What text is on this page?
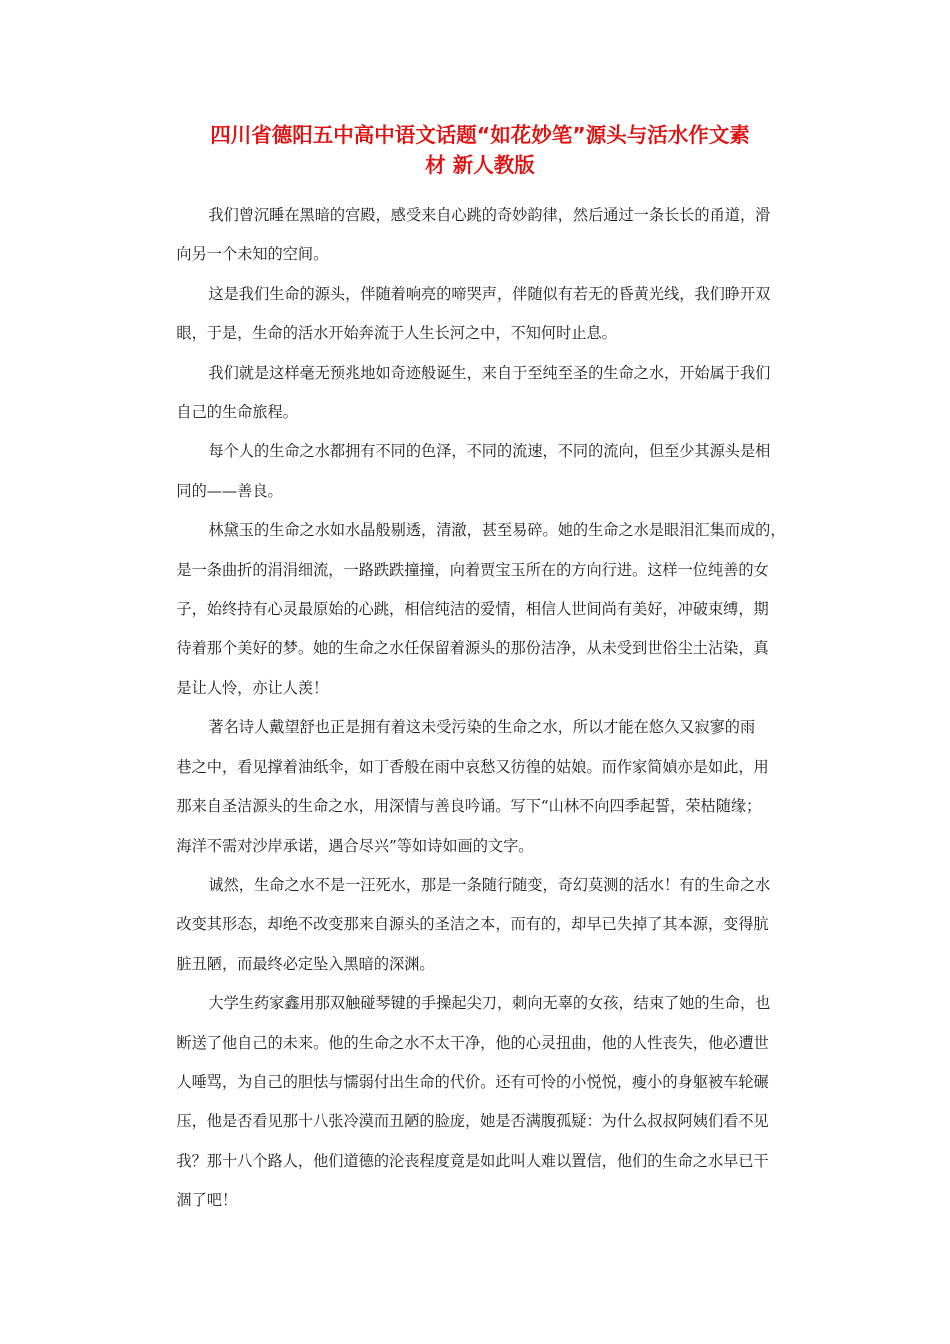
四川省德阳五中高中语文话题“如花妙笔”源头与活水作文素
材 新人教版
我们曾沉睡在黑暗的宫殿，感受来自心跳的奇妙韵律，然后通过一条长长的甬道，滑
向另一个未知的空间。
这是我们生命的源头，伴随着响亮的啼哭声，伴随似有若无的昏黄光线，我们睁开双
眼，于是，生命的活水开始奔流于人生长河之中，不知何时止息。
我们就是这样毫无预兆地如奇迹般诞生，来自于至纯至圣的生命之水，开始属于我们
自己的生命旅程。
每个人的生命之水都拥有不同的色泽，不同的流速，不同的流向，但至少其源头是相
同的——善良。
林黛玉的生命之水如水晶般剔透，清澈，甚至易碎。她的生命之水是眼泪汇集而成的，
是一条曲折的涓涓细流，一路跌跌撞撞，向着贾宝玉所在的方向行进。这样一位纯善的女
子，始终持有心灵最原始的心跳，相信纯洁的爱情，相信人世间尚有美好，冲破束缚，期
待着那个美好的梦。她的生命之水任保留着源头的那份洁净，从未受到世俗尘土沾染，真
是让人怜，亦让人羡！
著名诗人戴望舒也正是拥有着这未受污染的生命之水，所以才能在悠久又寂寥的雨
巷之中，看见撑着油纸伞，如丁香般在雨中哀愁又彷徨的姑娘。而作家简媜亦是如此，用
那来自圣洁源头的生命之水，用深情与善良吟诵。写下“山林不向四季起誓，荣枯随缘；
海洋不需对沙岸承诺，遇合尽兴”等如诗如画的文字。
诚然，生命之水不是一汪死水，那是一条随行随变，奇幻莫测的活水！有的生命之水
改变其形态，却绝不改变那来自源头的圣洁之本，而有的，却早已失掉了其本源，变得肮
脏丑陋，而最终必定坠入黑暗的深渊。
大学生药家鑫用那双触碰琴键的手操起尖刀，刺向无辜的女孩，结束了她的生命，也
断送了他自己的未来。他的生命之水不太干净，他的心灵扭曲，他的人性丧失，他必遭世
人唾骂，为自己的胆怯与懦弱付出生命的代价。还有可怜的小悦悦，瘦小的身躯被车轮碾
压，他是否看见那十八张冷漠而丑陋的脸庞，她是否满腹孤疑：为什么叔叔阿姨们看不见
我？那十八个路人，他们道德的沦丧程度竟是如此叫人难以置信，他们的生命之水早已干
涸了吧！
